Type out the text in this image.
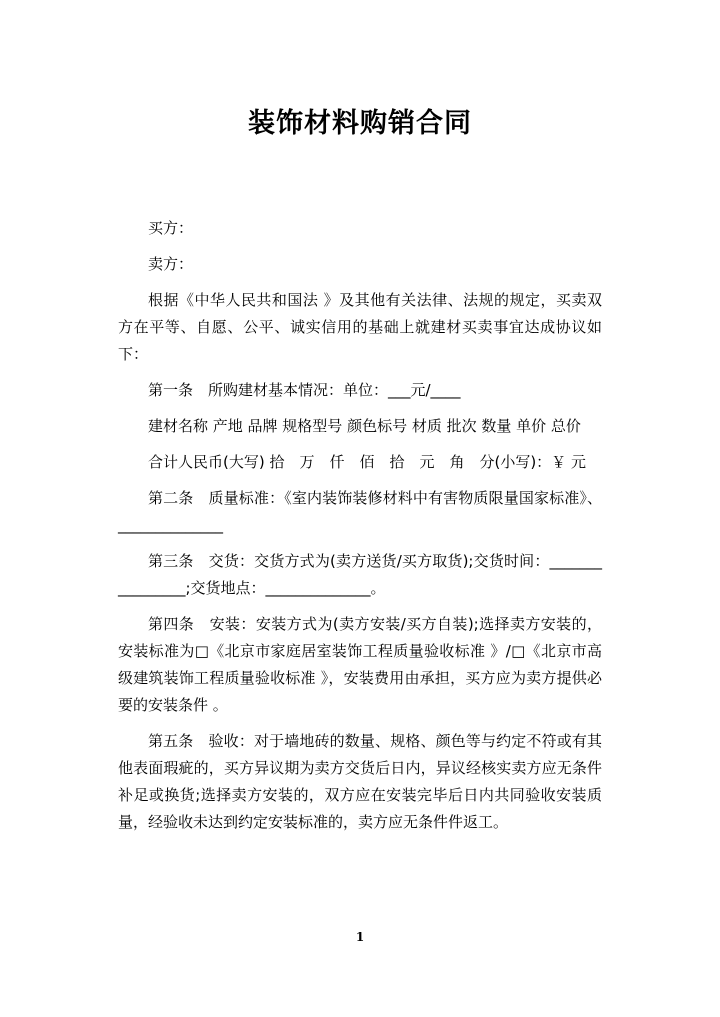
装饰材料购销合同

买方：

卖方：

根据《中华人民共和国法 》及其他有关法律、法规的规定，买卖双方在平等、自愿、公平、诚实信用的基础上就建材买卖事宜达成协议如下：

第一条　所购建材基本情况：单位：___元/____

建材名称 产地 品牌 规格型号 颜色标号 材质 批次 数量 单价 总价

合计人民币(大写) 拾　万　仟　佰　拾　元　角　分(小写)：￥ 元

第二条　质量标准：《室内装饰装修材料中有害物质限量国家标准》、______________

第三条　交货：交货方式为(卖方送货/买方取货);交货时间：________________;交货地点：______________。

第四条　安装：安装方式为(卖方安装/买方自装);选择卖方安装的，安装标准为□《北京市家庭居室装饰工程质量验收标准 》/□《北京市高级建筑装饰工程质量验收标准 》，安装费用由承担，买方应为卖方提供必要的安装条件 。

第五条　验收：对于墙地砖的数量、规格、颜色等与约定不符或有其他表面瑕疵的，买方异议期为卖方交货后日内，异议经核实卖方应无条件补足或换货;选择卖方安装的，双方应在安装完毕后日内共同验收安装质量，经验收未达到约定安装标准的，卖方应无条件件返工。

1
